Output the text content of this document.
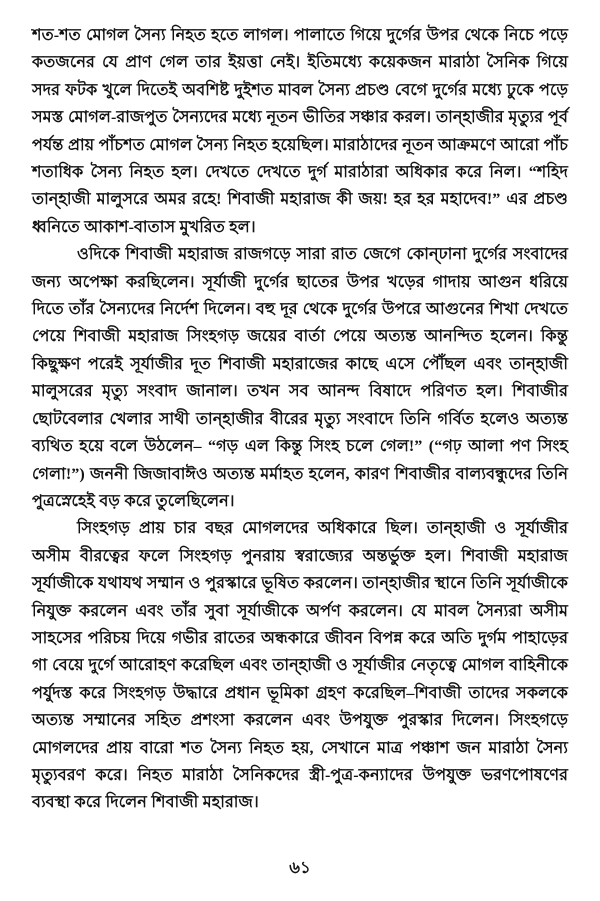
শত-শত মোগল সৈন্য নিহত হতে লাগল। পালাতে গিয়ে দুর্গের উপর থেকে নিচে পড়ে কতজনের যে প্রাণ গেল তার ইয়ত্তা নেই। ইতিমধ্যে কয়েকজন মারাঠা সৈনিক গিয়ে সদর ফটক খুলে দিতেই অবশিষ্ট দুইশত মাবল সৈন্য প্রচণ্ড বেগে দুর্গের মধ্যে ঢুকে পড়ে সমস্ত মোগল-রাজপুত সৈন্যদের মধ্যে নূতন ভীতির সঞ্চার করল। তান্হাজীর মৃত্যুর পূর্ব পর্যন্ত প্রায় পাঁচশত মোগল সৈন্য নিহত হয়েছিল। মারাঠাদের নূতন আক্রমণে আরো পাঁচ শতাধিক সৈন্য নিহত হল। দেখতে দেখতে দুর্গ মারাঠারা অধিকার করে নিল। “শহিদ তান্হাজী মালুসরে অমর রহে! শিবাজী মহারাজ কী জয়! হর হর মহাদেব!” এর প্রচণ্ড ধ্বনিতে আকাশ-বাতাস মুখরিত হল।

ওদিকে শিবাজী মহারাজ রাজগড়ে সারা রাত জেগে কোন্ঢানা দুর্গের সংবাদের জন্য অপেক্ষা করছিলেন। সূর্যাজী দুর্গের ছাতের উপর খড়ের গাদায় আগুন ধরিয়ে দিতে তাঁর সৈন্যদের নির্দেশ দিলেন। বহু দূর থেকে দুর্গের উপরে আগুনের শিখা দেখতে পেয়ে শিবাজী মহারাজ সিংহগড় জয়ের বার্তা পেয়ে অত্যন্ত আনন্দিত হলেন। কিন্তু কিছুক্ষণ পরেই সূর্যাজীর দূত শিবাজী মহারাজের কাছে এসে পৌঁছল এবং তান্হাজী মালুসরের মৃত্যু সংবাদ জানাল। তখন সব আনন্দ বিষাদে পরিণত হল। শিবাজীর ছোটবেলার খেলার সাথী তান্হাজীর বীরের মৃত্যু সংবাদে তিনি গর্বিত হলেও অত্যন্ত ব্যথিত হয়ে বলে উঠলেন– “গড় এল কিন্তু সিংহ চলে গেল!” (“গঢ় আলা পণ সিংহ গেলা!”) জননী জিজাবাঈও অত্যন্ত মর্মাহত হলেন, কারণ শিবাজীর বাল্যবন্ধুদের তিনি পুত্রস্নেহেই বড় করে তুলেছিলেন।

সিংহগড় প্রায় চার বছর মোগলদের অধিকারে ছিল। তান্হাজী ও সূর্যাজীর অসীম বীরত্বের ফলে সিংহগড় পুনরায় স্বরাজ্যের অন্তর্ভুক্ত হল। শিবাজী মহারাজ সূর্যাজীকে যথাযথ সম্মান ও পুরস্কারে ভূষিত করলেন। তান্হাজীর স্থানে তিনি সূর্যাজীকে নিযুক্ত করলেন এবং তাঁর সুবা সূর্যাজীকে অর্পণ করলেন। যে মাবল সৈন্যরা অসীম সাহসের পরিচয় দিয়ে গভীর রাতের অন্ধকারে জীবন বিপন্ন করে অতি দুর্গম পাহাড়ের গা বেয়ে দুর্গে আরোহণ করেছিল এবং তান্হাজী ও সূর্যাজীর নেতৃত্বে মোগল বাহিনীকে পর্যুদস্ত করে সিংহগড় উদ্ধারে প্রধান ভূমিকা গ্রহণ করেছিল–শিবাজী তাদের সকলকে অত্যন্ত সম্মানের সহিত প্রশংসা করলেন এবং উপযুক্ত পুরস্কার দিলেন। সিংহগড়ে মোগলদের প্রায় বারো শত সৈন্য নিহত হয়, সেখানে মাত্র পঞ্চাশ জন মারাঠা সৈন্য মৃত্যুবরণ করে। নিহত মারাঠা সৈনিকদের স্ত্রী-পুত্র-কন্যাদের উপযুক্ত ভরণপোষণের ব্যবস্থা করে দিলেন শিবাজী মহারাজ।

৬১
